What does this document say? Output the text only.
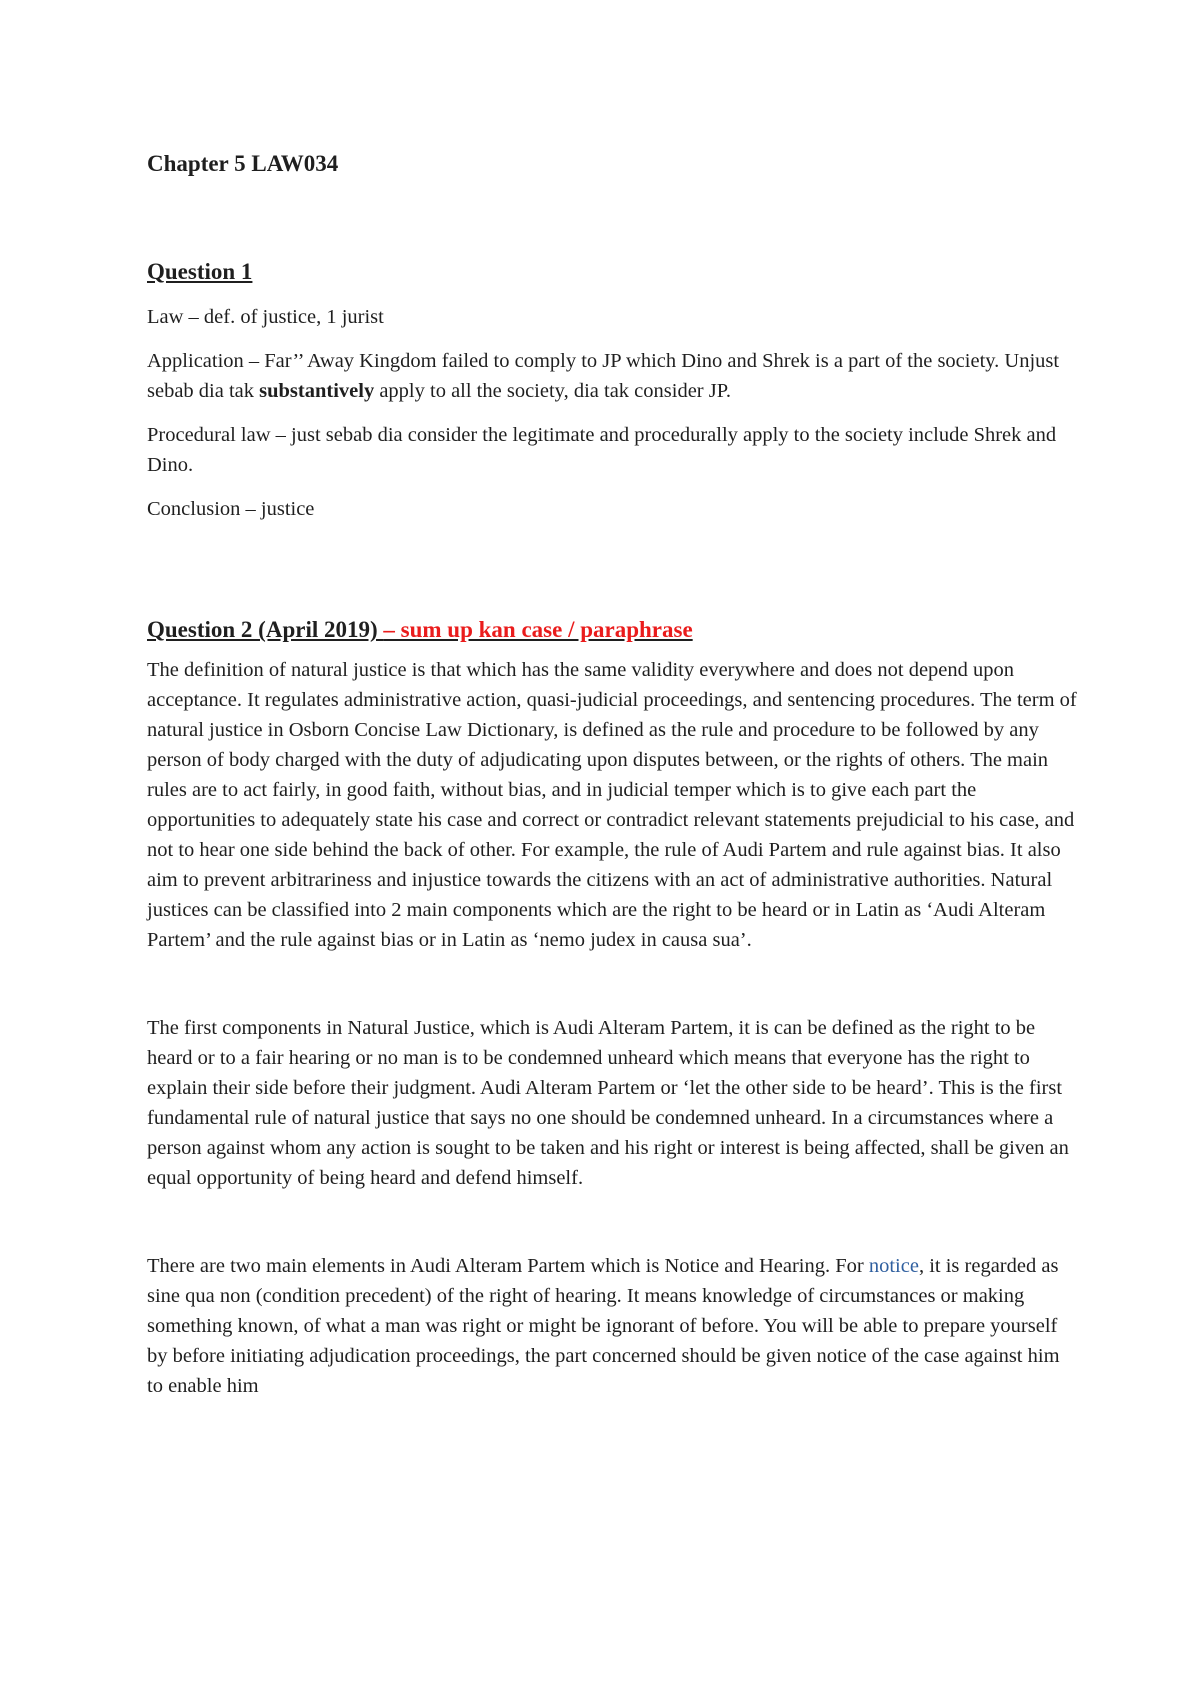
Chapter 5 LAW034
Question 1

Law – def. of justice, 1 jurist

Application – Far’’ Away Kingdom failed to comply to JP which Dino and Shrek is a part of the society. Unjust sebab dia tak substantively apply to all the society, dia tak consider JP.

Procedural law – just sebab dia consider the legitimate and procedurally apply to the society include Shrek and Dino.

Conclusion – justice

Question 2 (April 2019) – sum up kan case / paraphrase

The definition of natural justice is that which has the same validity everywhere and does not depend upon acceptance. It regulates administrative action, quasi-judicial proceedings, and sentencing procedures. The term of natural justice in Osborn Concise Law Dictionary, is defined as the rule and procedure to be followed by any person of body charged with the duty of adjudicating upon disputes between, or the rights of others. The main rules are to act fairly, in good faith, without bias, and in judicial temper which is to give each part the opportunities to adequately state his case and correct or contradict relevant statements prejudicial to his case, and not to hear one side behind the back of other. For example, the rule of Audi Partem and rule against bias. It also aim to prevent arbitrariness and injustice towards the citizens with an act of administrative authorities. Natural justices can be classified into 2 main components which are the right to be heard or in Latin as ‘Audi Alteram Partem’ and the rule against bias or in Latin as ‘nemo judex in causa sua’.

The first components in Natural Justice, which is Audi Alteram Partem, it is can be defined as the right to be heard or to a fair hearing or no man is to be condemned unheard which means that everyone has the right to explain their side before their judgment. Audi Alteram Partem or ‘let the other side to be heard’. This is the first fundamental rule of natural justice that says no one should be condemned unheard. In a circumstances where a person against whom any action is sought to be taken and his right or interest is being affected, shall be given an equal opportunity of being heard and defend himself.

There are two main elements in Audi Alteram Partem which is Notice and Hearing. For notice, it is regarded as sine qua non (condition precedent) of the right of hearing. It means knowledge of circumstances or making something known, of what a man was right or might be ignorant of before. You will be able to prepare yourself by before initiating adjudication proceedings, the part concerned should be given notice of the case against him to enable him
